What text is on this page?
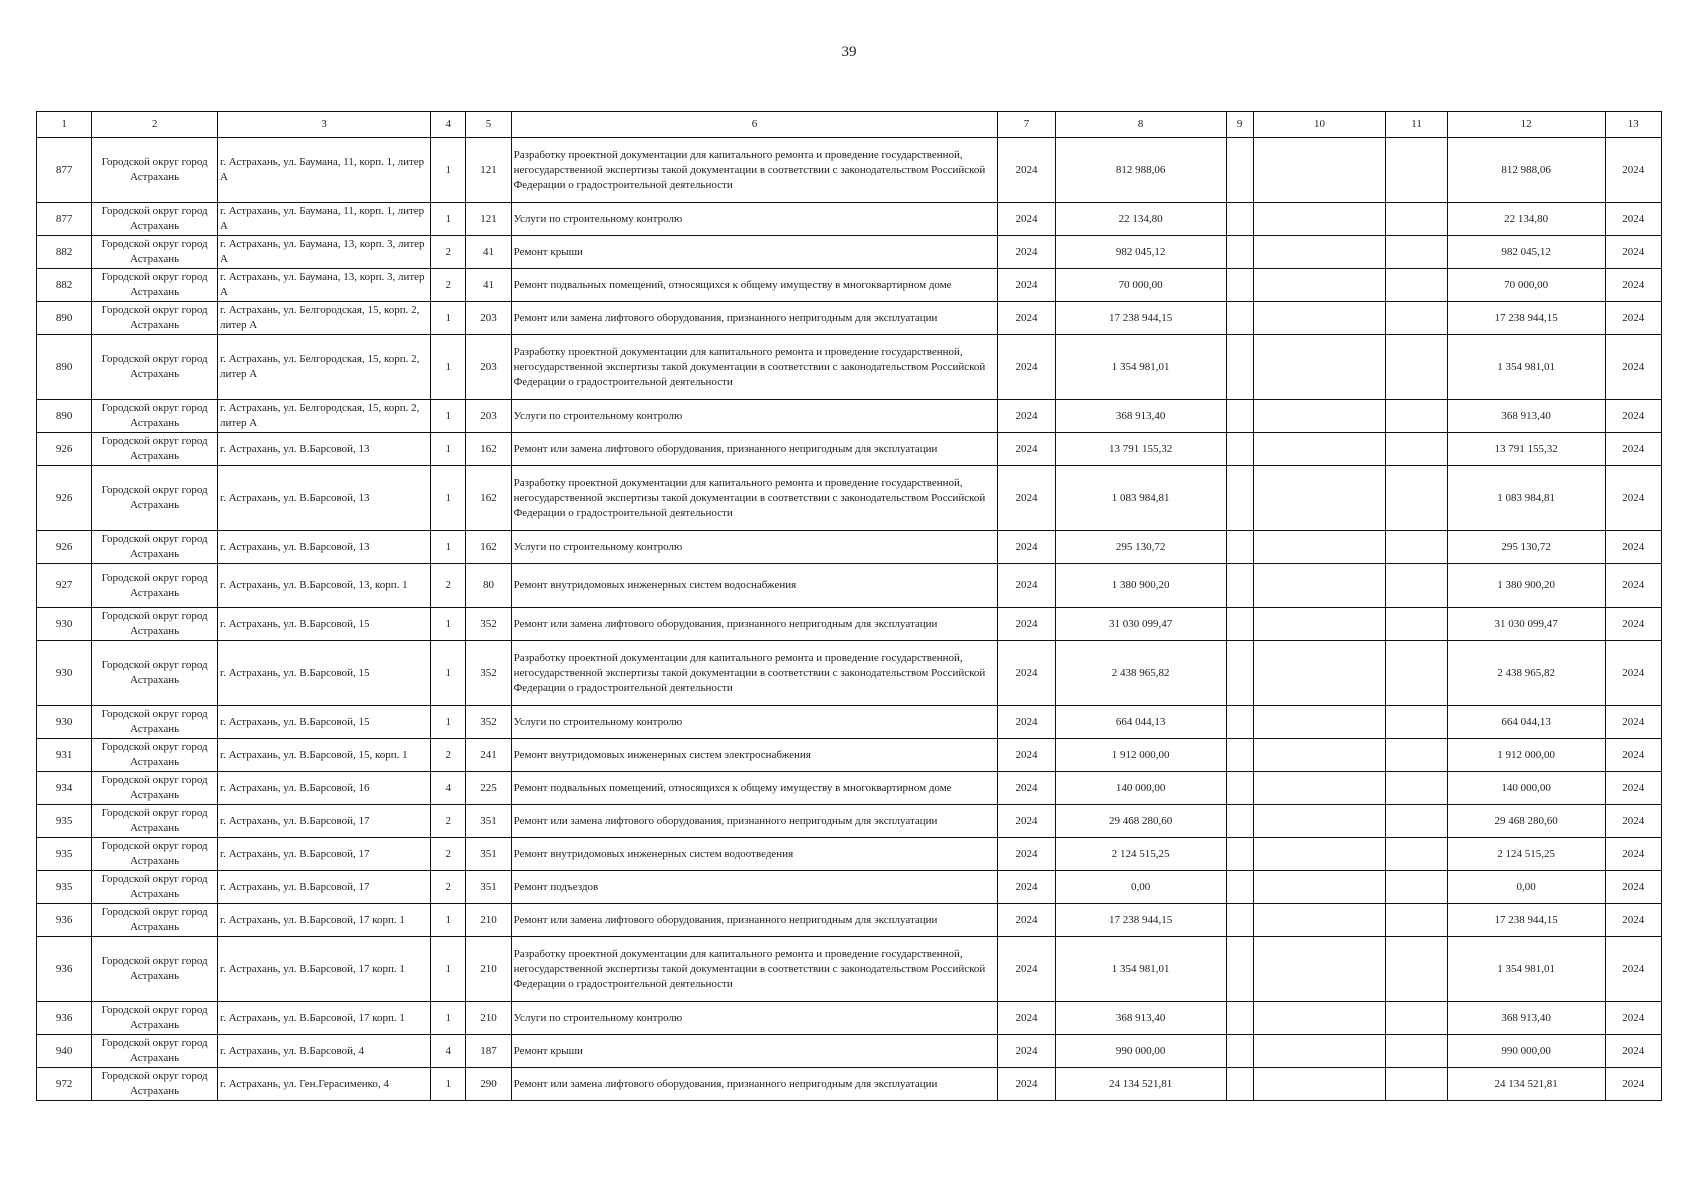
39
1	2	3	4	5	6	7	8	9	10	11	12	13
877	Городской округ город Астрахань	г. Астрахань, ул. Баумана, 11, корп. 1, литер А	1	121	Разработку проектной документации для капитального ремонта и проведение государственной, негосударственной экспертизы такой документации в соответствии с законодательством Российской Федерации о градостроительной деятельности	2024	812 988,06				812 988,06	2024
877	Городской округ город Астрахань	г. Астрахань, ул. Баумана, 11, корп. 1, литер А	1	121	Услуги по строительному контролю	2024	22 134,80				22 134,80	2024
882	Городской округ город Астрахань	г. Астрахань, ул. Баумана, 13, корп. 3, литер А	2	41	Ремонт крыши	2024	982 045,12				982 045,12	2024
882	Городской округ город Астрахань	г. Астрахань, ул. Баумана, 13, корп. 3, литер А	2	41	Ремонт подвальных помещений, относящихся к общему имуществу в многоквартирном доме	2024	70 000,00				70 000,00	2024
890	Городской округ город Астрахань	г. Астрахань, ул. Белгородская, 15, корп. 2, литер А	1	203	Ремонт или замена лифтового оборудования, признанного непригодным для эксплуатации	2024	17 238 944,15				17 238 944,15	2024
890	Городской округ город Астрахань	г. Астрахань, ул. Белгородская, 15, корп. 2, литер А	1	203	Разработку проектной документации для капитального ремонта и проведение государственной, негосударственной экспертизы такой документации в соответствии с законодательством Российской Федерации о градостроительной деятельности	2024	1 354 981,01				1 354 981,01	2024
890	Городской округ город Астрахань	г. Астрахань, ул. Белгородская, 15, корп. 2, литер А	1	203	Услуги по строительному контролю	2024	368 913,40				368 913,40	2024
926	Городской округ город Астрахань	г. Астрахань, ул. В.Барсовой, 13	1	162	Ремонт или замена лифтового оборудования, признанного непригодным для эксплуатации	2024	13 791 155,32				13 791 155,32	2024
926	Городской округ город Астрахань	г. Астрахань, ул. В.Барсовой, 13	1	162	Разработку проектной документации для капитального ремонта и проведение государственной, негосударственной экспертизы такой документации в соответствии с законодательством Российской Федерации о градостроительной деятельности	2024	1 083 984,81				1 083 984,81	2024
926	Городской округ город Астрахань	г. Астрахань, ул. В.Барсовой, 13	1	162	Услуги по строительному контролю	2024	295 130,72				295 130,72	2024
927	Городской округ город Астрахань	г. Астрахань, ул. В.Барсовой, 13, корп. 1	2	80	Ремонт внутридомовых инженерных систем водоснабжения	2024	1 380 900,20				1 380 900,20	2024
930	Городской округ город Астрахань	г. Астрахань, ул. В.Барсовой, 15	1	352	Ремонт или замена лифтового оборудования, признанного непригодным для эксплуатации	2024	31 030 099,47				31 030 099,47	2024
930	Городской округ город Астрахань	г. Астрахань, ул. В.Барсовой, 15	1	352	Разработку проектной документации для капитального ремонта и проведение государственной, негосударственной экспертизы такой документации в соответствии с законодательством Российской Федерации о градостроительной деятельности	2024	2 438 965,82				2 438 965,82	2024
930	Городской округ город Астрахань	г. Астрахань, ул. В.Барсовой, 15	1	352	Услуги по строительному контролю	2024	664 044,13				664 044,13	2024
931	Городской округ город Астрахань	г. Астрахань, ул. В.Барсовой, 15, корп. 1	2	241	Ремонт внутридомовых инженерных систем электроснабжения	2024	1 912 000,00				1 912 000,00	2024
934	Городской округ город Астрахань	г. Астрахань, ул. В.Барсовой, 16	4	225	Ремонт подвальных помещений, относящихся к общему имуществу в многоквартирном доме	2024	140 000,00				140 000,00	2024
935	Городской округ город Астрахань	г. Астрахань, ул. В.Барсовой, 17	2	351	Ремонт или замена лифтового оборудования, признанного непригодным для эксплуатации	2024	29 468 280,60				29 468 280,60	2024
935	Городской округ город Астрахань	г. Астрахань, ул. В.Барсовой, 17	2	351	Ремонт внутридомовых инженерных систем водоотведения	2024	2 124 515,25				2 124 515,25	2024
935	Городской округ город Астрахань	г. Астрахань, ул. В.Барсовой, 17	2	351	Ремонт подъездов	2024	0,00				0,00	2024
936	Городской округ город Астрахань	г. Астрахань, ул. В.Барсовой, 17 корп. 1	1	210	Ремонт или замена лифтового оборудования, признанного непригодным для эксплуатации	2024	17 238 944,15				17 238 944,15	2024
936	Городской округ город Астрахань	г. Астрахань, ул. В.Барсовой, 17 корп. 1	1	210	Разработку проектной документации для капитального ремонта и проведение государственной, негосударственной экспертизы такой документации в соответствии с законодательством Российской Федерации о градостроительной деятельности	2024	1 354 981,01				1 354 981,01	2024
936	Городской округ город Астрахань	г. Астрахань, ул. В.Барсовой, 17 корп. 1	1	210	Услуги по строительному контролю	2024	368 913,40				368 913,40	2024
940	Городской округ город Астрахань	г. Астрахань, ул. В.Барсовой, 4	4	187	Ремонт крыши	2024	990 000,00				990 000,00	2024
972	Городской округ город Астрахань	г. Астрахань, ул. Ген.Герасименко, 4	1	290	Ремонт или замена лифтового оборудования, признанного непригодным для эксплуатации	2024	24 134 521,81				24 134 521,81	2024
